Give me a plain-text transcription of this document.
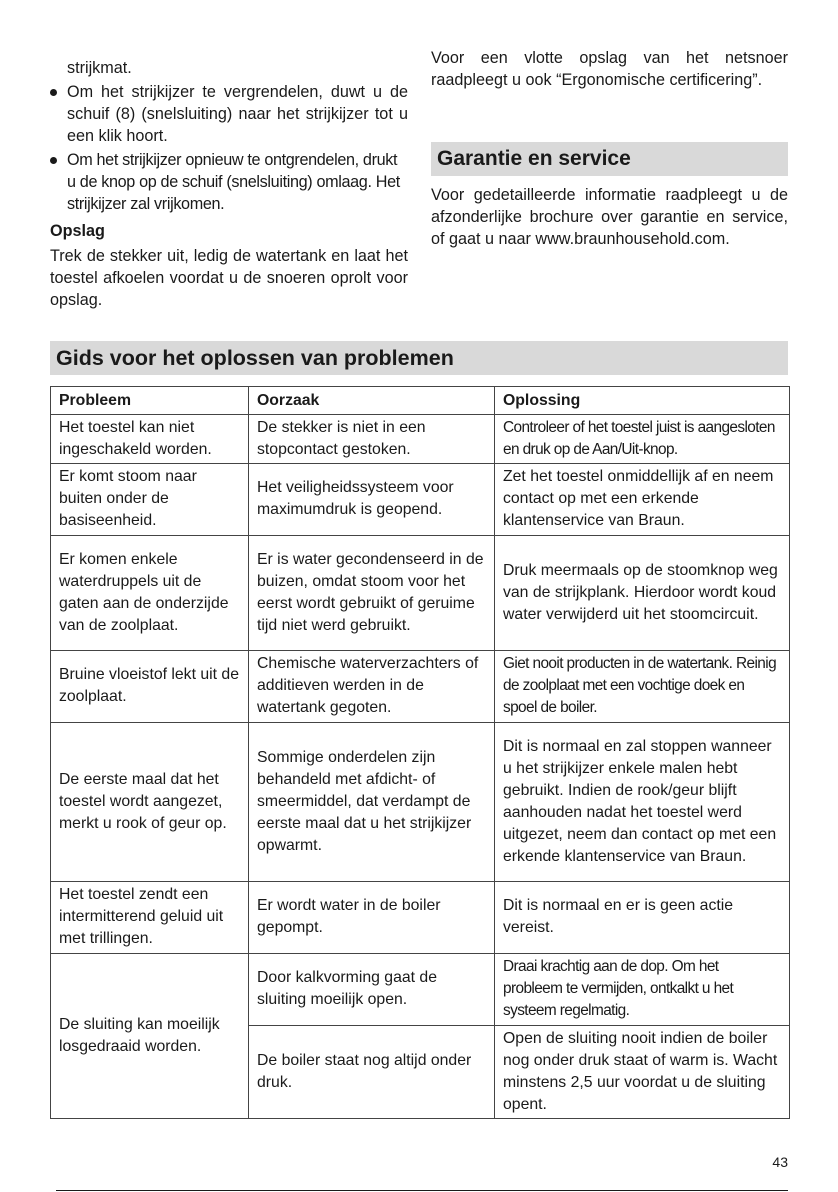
strijkmat.

Om het strijkijzer te vergrendelen, duwt u de schuif (8) (snelsluiting) naar het strijkijzer tot u een klik hoort.

Om het strijkijzer opnieuw te ontgrendelen, drukt u de knop op de schuif (snelsluiting) omlaag. Het strijkijzer zal vrijkomen.

Opslag

Trek de stekker uit, ledig de watertank en laat het toestel afkoelen voordat u de snoeren oprolt voor opslag.

Voor een vlotte opslag van het netsnoer raadpleegt u ook “Ergonomische certificering”.

Garantie en service

Voor gedetailleerde informatie raadpleegt u de afzonderlijke brochure over garantie en service, of gaat u naar www.braunhousehold.com.

Gids voor het oplossen van problemen
Probleem	Oorzaak	Oplossing
Het toestel kan niet ingeschakeld worden.	De stekker is niet in een stopcontact gestoken.	Controleer of het toestel juist is aangesloten en druk op de Aan/Uit-knop.
Er komt stoom naar buiten onder de basiseenheid.	Het veiligheidssysteem voor maximumdruk is geopend.	Zet het toestel onmiddellijk af en neem contact op met een erkende klantenservice van Braun.
Er komen enkele waterdruppels uit de gaten aan de onderzijde van de zoolplaat.	Er is water gecondenseerd in de buizen, omdat stoom voor het eerst wordt gebruikt of geruime tijd niet werd gebruikt.	Druk meermaals op de stoomknop weg van de strijkplank. Hierdoor wordt koud water verwijderd uit het stoomcircuit.
Bruine vloeistof lekt uit de zoolplaat.	Chemische waterverzachters of additieven werden in de watertank gegoten.	Giet nooit producten in de watertank. Reinig de zoolplaat met een vochtige doek en spoel de boiler.
De eerste maal dat het toestel wordt aangezet, merkt u rook of geur op.	Sommige onderdelen zijn behandeld met afdicht- of smeermiddel, dat verdampt de eerste maal dat u het strijkijzer opwarmt.	Dit is normaal en zal stoppen wanneer u het strijkijzer enkele malen hebt gebruikt. Indien de rook/geur blijft aanhouden nadat het toestel werd uitgezet, neem dan contact op met een erkende klantenservice van Braun.
Het toestel zendt een intermitterend geluid uit met trillingen.	Er wordt water in de boiler gepompt.	Dit is normaal en er is geen actie vereist.
De sluiting kan moeilijk losgedraaid worden.	Door kalkvorming gaat de sluiting moeilijk open.	Draai krachtig aan de dop. Om het probleem te vermijden, ontkalkt u het systeem regelmatig.
	De boiler staat nog altijd onder druk.	Open de sluiting nooit indien de boiler nog onder druk staat of warm is. Wacht minstens 2,5 uur voordat u de sluiting opent.
43
